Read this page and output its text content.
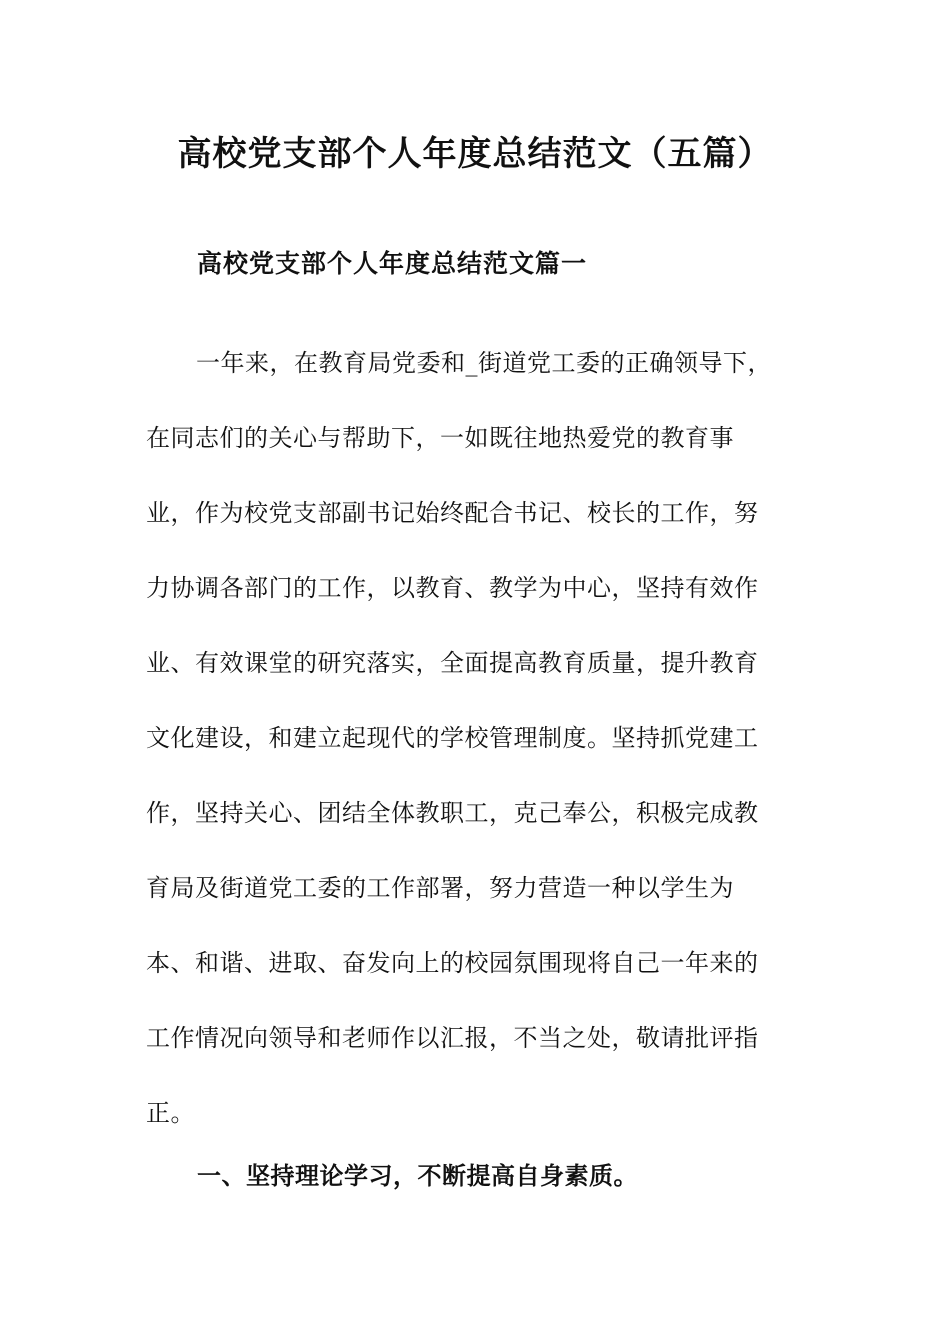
高校党支部个人年度总结范文（五篇）
高校党支部个人年度总结范文篇一
一年来，在教育局党委和_街道党工委的正确领导下，
在同志们的关心与帮助下，一如既往地热爱党的教育事
业，作为校党支部副书记始终配合书记、校长的工作，努
力协调各部门的工作，以教育、教学为中心，坚持有效作
业、有效课堂的研究落实，全面提高教育质量，提升教育
文化建设，和建立起现代的学校管理制度。坚持抓党建工
作，坚持关心、团结全体教职工，克己奉公，积极完成教
育局及街道党工委的工作部署，努力营造一种以学生为
本、和谐、进取、奋发向上的校园氛围现将自己一年来的
工作情况向领导和老师作以汇报，不当之处，敬请批评指
正。
一、坚持理论学习，不断提高自身素质。
